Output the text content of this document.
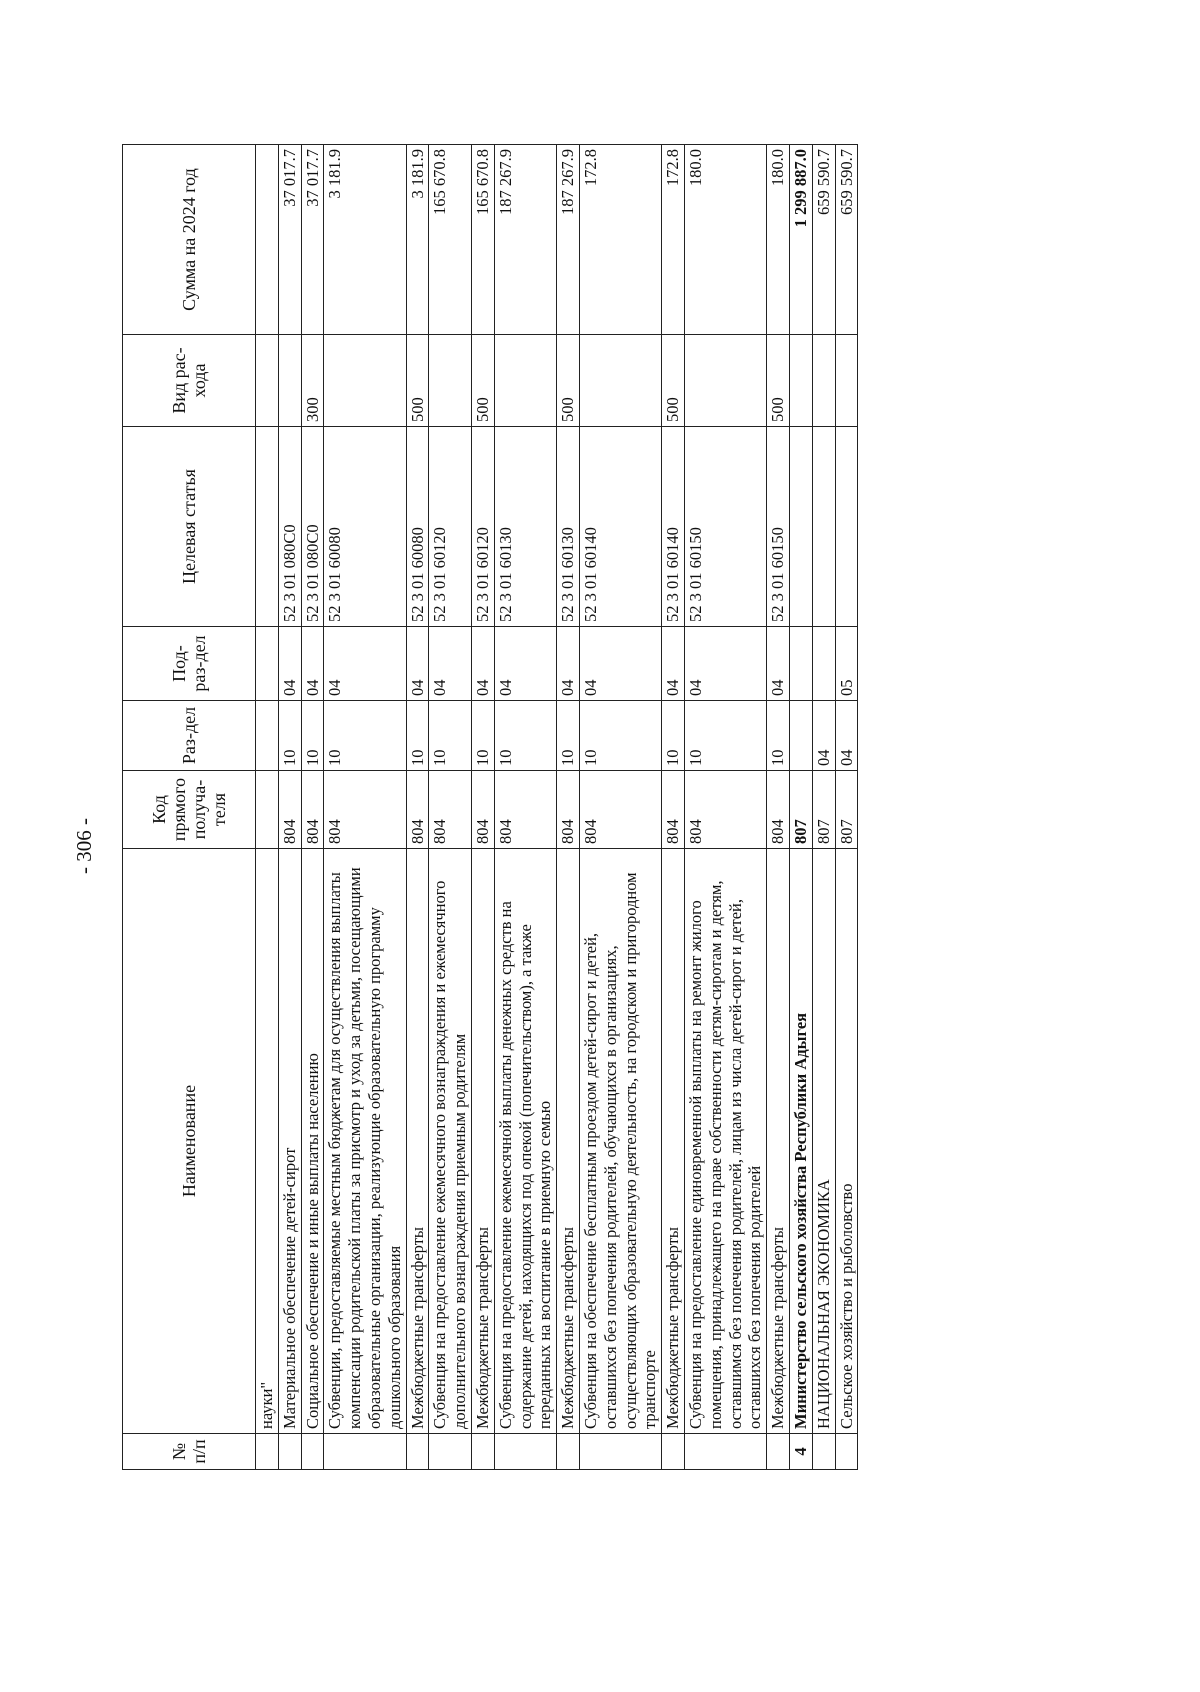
- 306 -
№ п/п	Наименование	Код прямого получа-теля	Раз-дел	Под-раз-дел	Целевая статья	Вид рас-хода	Сумма на 2024 год
	науки"						
	Материальное обеспечение детей-сирот	804	10	04	52 3 01 080C0		37 017.7
	Социальное обеспечение и иные выплаты населению	804	10	04	52 3 01 080C0	300	37 017.7
	Субвенции, предоставляемые местным бюджетам для осуществления выплаты компенсации родительской платы за присмотр и уход за детьми, посещающими образовательные организации, реализующие образовательную программу дошкольного образования	804	10	04	52 3 01 60080		3 181.9
	Межбюджетные трансферты	804	10	04	52 3 01 60080	500	3 181.9
	Субвенция на предоставление ежемесячного вознаграждения и ежемесячного дополнительного вознаграждения приемным родителям	804	10	04	52 3 01 60120		165 670.8
	Межбюджетные трансферты	804	10	04	52 3 01 60120	500	165 670.8
	Субвенция на предоставление ежемесячной выплаты денежных средств на содержание детей, находящихся под опекой (попечительством), а также переданных на воспитание в приемную семью	804	10	04	52 3 01 60130		187 267.9
	Межбюджетные трансферты	804	10	04	52 3 01 60130	500	187 267.9
	Субвенция на обеспечение бесплатным проездом детей-сирот и детей, оставшихся без попечения родителей, обучающихся в организациях, осуществляющих образовательную деятельность, на городском и пригородном транспорте	804	10	04	52 3 01 60140		172.8
	Межбюджетные трансферты	804	10	04	52 3 01 60140	500	172.8
	Субвенция на предоставление единовременной выплаты на ремонт жилого помещения, принадлежащего на праве собственности детям-сиротам и детям, оставшимся без попечения родителей, лицам из числа детей-сирот и детей, оставшихся без попечения родителей	804	10	04	52 3 01 60150		180.0
	Межбюджетные трансферты	804	10	04	52 3 01 60150	500	180.0
4	Министерство сельского хозяйства Республики Адыгея	807					1 299 887.0
	НАЦИОНАЛЬНАЯ ЭКОНОМИКА	807	04				659 590.7
	Сельское хозяйство и рыболовство	807	04	05			659 590.7
